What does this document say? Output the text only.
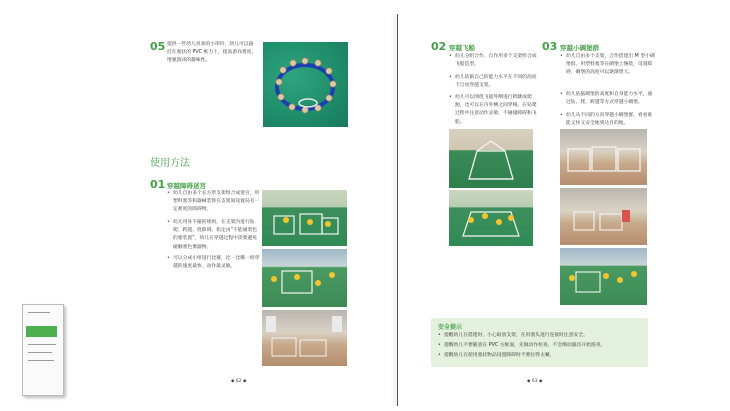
05 提供一些幼儿喜欢的小串铃，幼儿可以悬挂在塞状的 PVC 框力上，提高游戏难度，增强游戏的趣味性。
使用方法
01 穿越障碍迷宫
• 幼儿自由多个长方形支架组合成迷宫，用塑料塞等和器械装饰在支架间设置局有一定难度的障碍物。
• 幼儿用身不碰的规则，在支架内进行钻爬、跨越、绕障碍。指定由“不能碰着色的塞装置”，幼儿在穿越过程中需要避免碰触塞色像器物。
• 可以分成小组进行比赛，比一比哪一组穿越的速度最快、动作最灵敏。
◆ 62 ◆
02 穿越飞船
• 幼儿分组合作，自作用多个支架组合成飞船造型。
• 幼儿依据自己的能力水平在不同的高度下自由穿越支架。
• 幼儿可以围绕飞船外侧进行跨跳或爬跑，也可以在内外侧之间穿梭。在钻爬过程中注意动作灵敏，不碰撞障碍和飞船。
03 穿越小碉堡群
• 幼儿自由多个支架，合作搭建出 M 型小碉堡群，用塑料塞等在碉堡上缠绕，设置障碍，碉堡的高度可以逐渐增大。
• 幼儿依据碉堡的高度和自身能力水平，通过钻、爬、跨越等方式穿越小碉堡。
• 幼儿从不同的方向穿越小碉堡群，看看谁能又快又安全地到达目的地。
安全提示
• 提醒幼儿在搭建时，小心取放支架，在用塞头进行连接时注意安全。
• 提醒幼儿不要随意在 PVC 方框面，先做动作检查，不会倒动器具开始游戏。
• 提醒幼儿在使用塞状物品设置障碍时不要拉得太紧。
◆ 63 ◆
